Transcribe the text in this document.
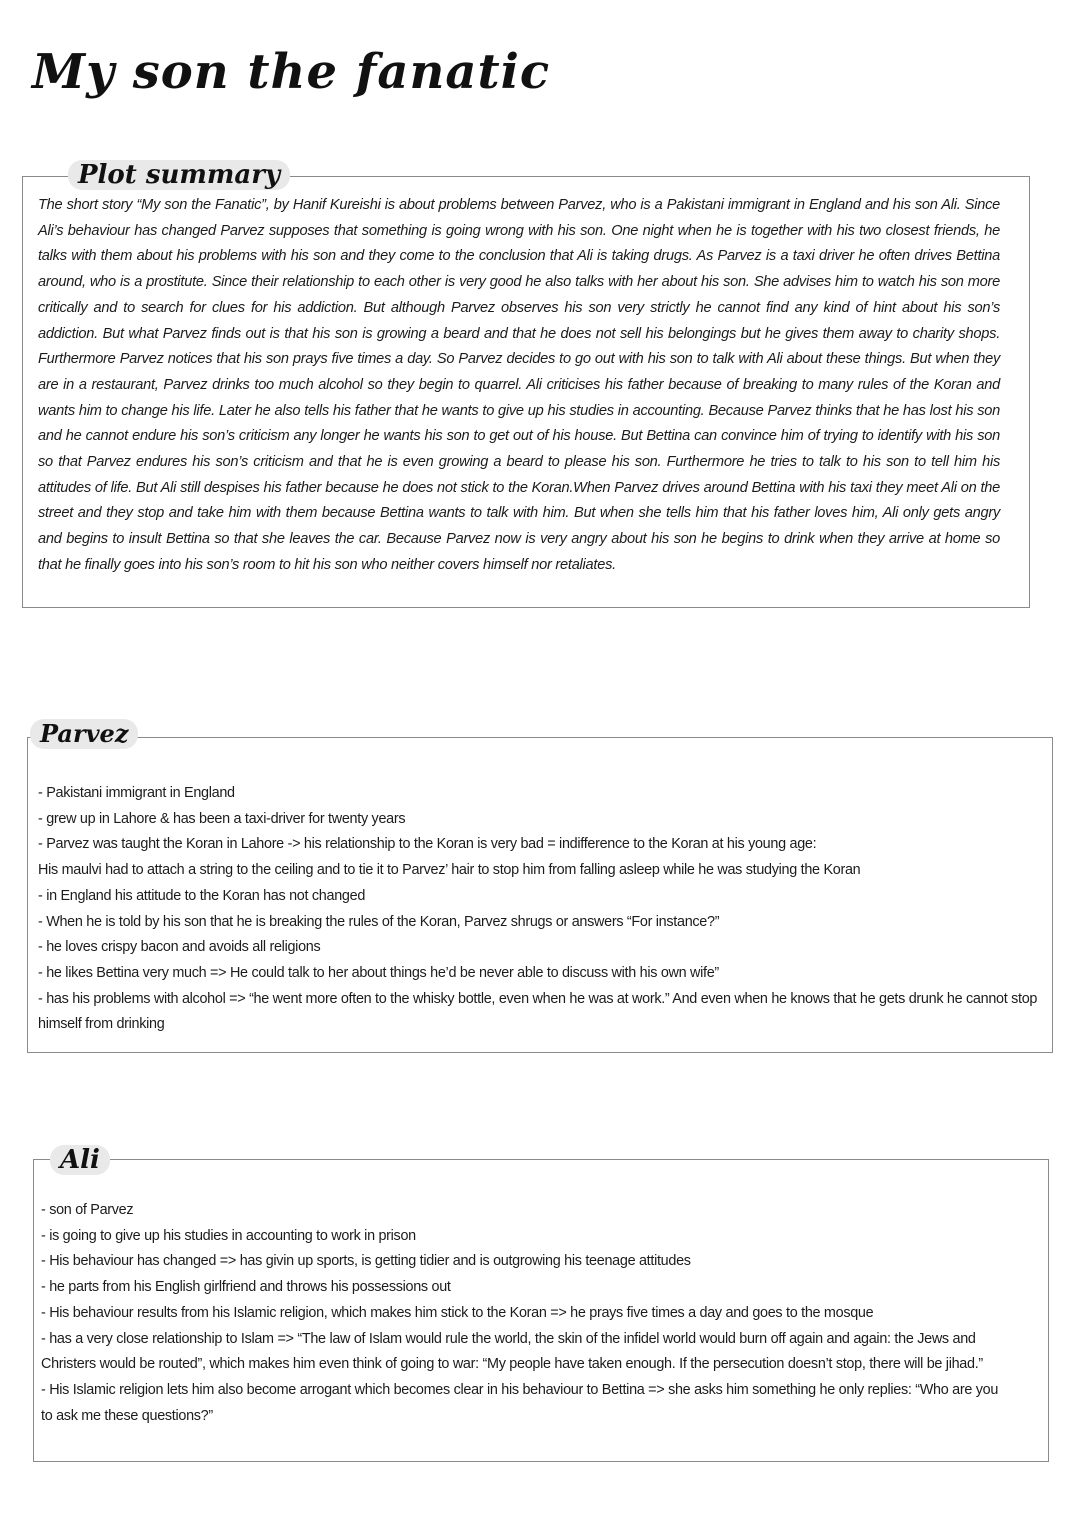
My son the fanatic
Plot summary

The short story “My son the Fanatic”, by Hanif Kureishi is about problems between Parvez, who is a Pakistani immigrant in England and his son Ali. Since Ali’s behaviour has changed Parvez supposes that something is going wrong with his son. One night when he is together with his two closest friends, he talks with them about his problems with his son and they come to the conclusion that Ali is taking drugs. As Parvez is a taxi driver he often drives Bettina around, who is a prostitute. Since their relationship to each other is very good he also talks with her about his son. She advises him to watch his son more critically and to search for clues for his addiction. But although Parvez observes his son very strictly he cannot find any kind of hint about his son’s addiction. But what Parvez finds out is that his son is growing a beard and that he does not sell his belongings but he gives them away to charity shops. Furthermore Parvez notices that his son prays five times a day. So Parvez decides to go out with his son to talk with Ali about these things. But when they are in a restaurant, Parvez drinks too much alcohol so they begin to quarrel. Ali criticises his father because of breaking to many rules of the Koran and wants him to change his life. Later he also tells his father that he wants to give up his studies in accounting. Because Parvez thinks that he has lost his son and he cannot endure his son’s criticism any longer he wants his son to get out of his house. But Bettina can convince him of trying to identify with his son so that Parvez endures his son’s criticism and that he is even growing a beard to please his son. Furthermore he tries to talk to his son to tell him his attitudes of life. But Ali still despises his father because he does not stick to the Koran.When Parvez drives around Bettina with his taxi they meet Ali on the street and they stop and take him with them because Bettina wants to talk with him. But when she tells him that his father loves him, Ali only gets angry and begins to insult Bettina so that she leaves the car. Because Parvez now is very angry about his son he begins to drink when they arrive at home so that he finally goes into his son’s room to hit his son who neither covers himself nor retaliates.

Parvez
- Pakistani immigrant in England
- grew up in Lahore & has been a taxi-driver for twenty years
- Parvez was taught the Koran in Lahore -> his relationship to the Koran is very bad = indifference to the Koran at his young age:
His maulvi had to attach a string to the ceiling and to tie it to Parvez’ hair to stop him from falling asleep while he was studying the Koran
- in England his attitude to the Koran has not changed
- When he is told by his son that he is breaking the rules of the Koran, Parvez shrugs or answers “For instance?”
- he loves crispy bacon and avoids all religions
- he likes Bettina very much => He could talk to her about things he’d be never able to discuss with his own wife”
- has his problems with alcohol => “he went more often to the whisky bottle, even when he was at work.” And even when he knows that he gets drunk he cannot stop himself from drinking
Ali
- son of Parvez
- is going to give up his studies in accounting to work in prison
- His behaviour has changed => has givin up sports, is getting tidier and is outgrowing his teenage attitudes
- he parts from his English girlfriend and throws his possessions out
- His behaviour results from his Islamic religion, which makes him stick to the Koran => he prays five times a day and goes to the mosque
- has a very close relationship to Islam => “The law of Islam would rule the world, the skin of the infidel world would burn off again and again: the Jews and Christers would be routed”, which makes him even think of going to war: “My people have taken enough. If the persecution doesn’t stop, there will be jihad.”
- His Islamic religion lets him also become arrogant which becomes clear in his behaviour to Bettina => she asks him something he only replies: “Who are you to ask me these questions?”
